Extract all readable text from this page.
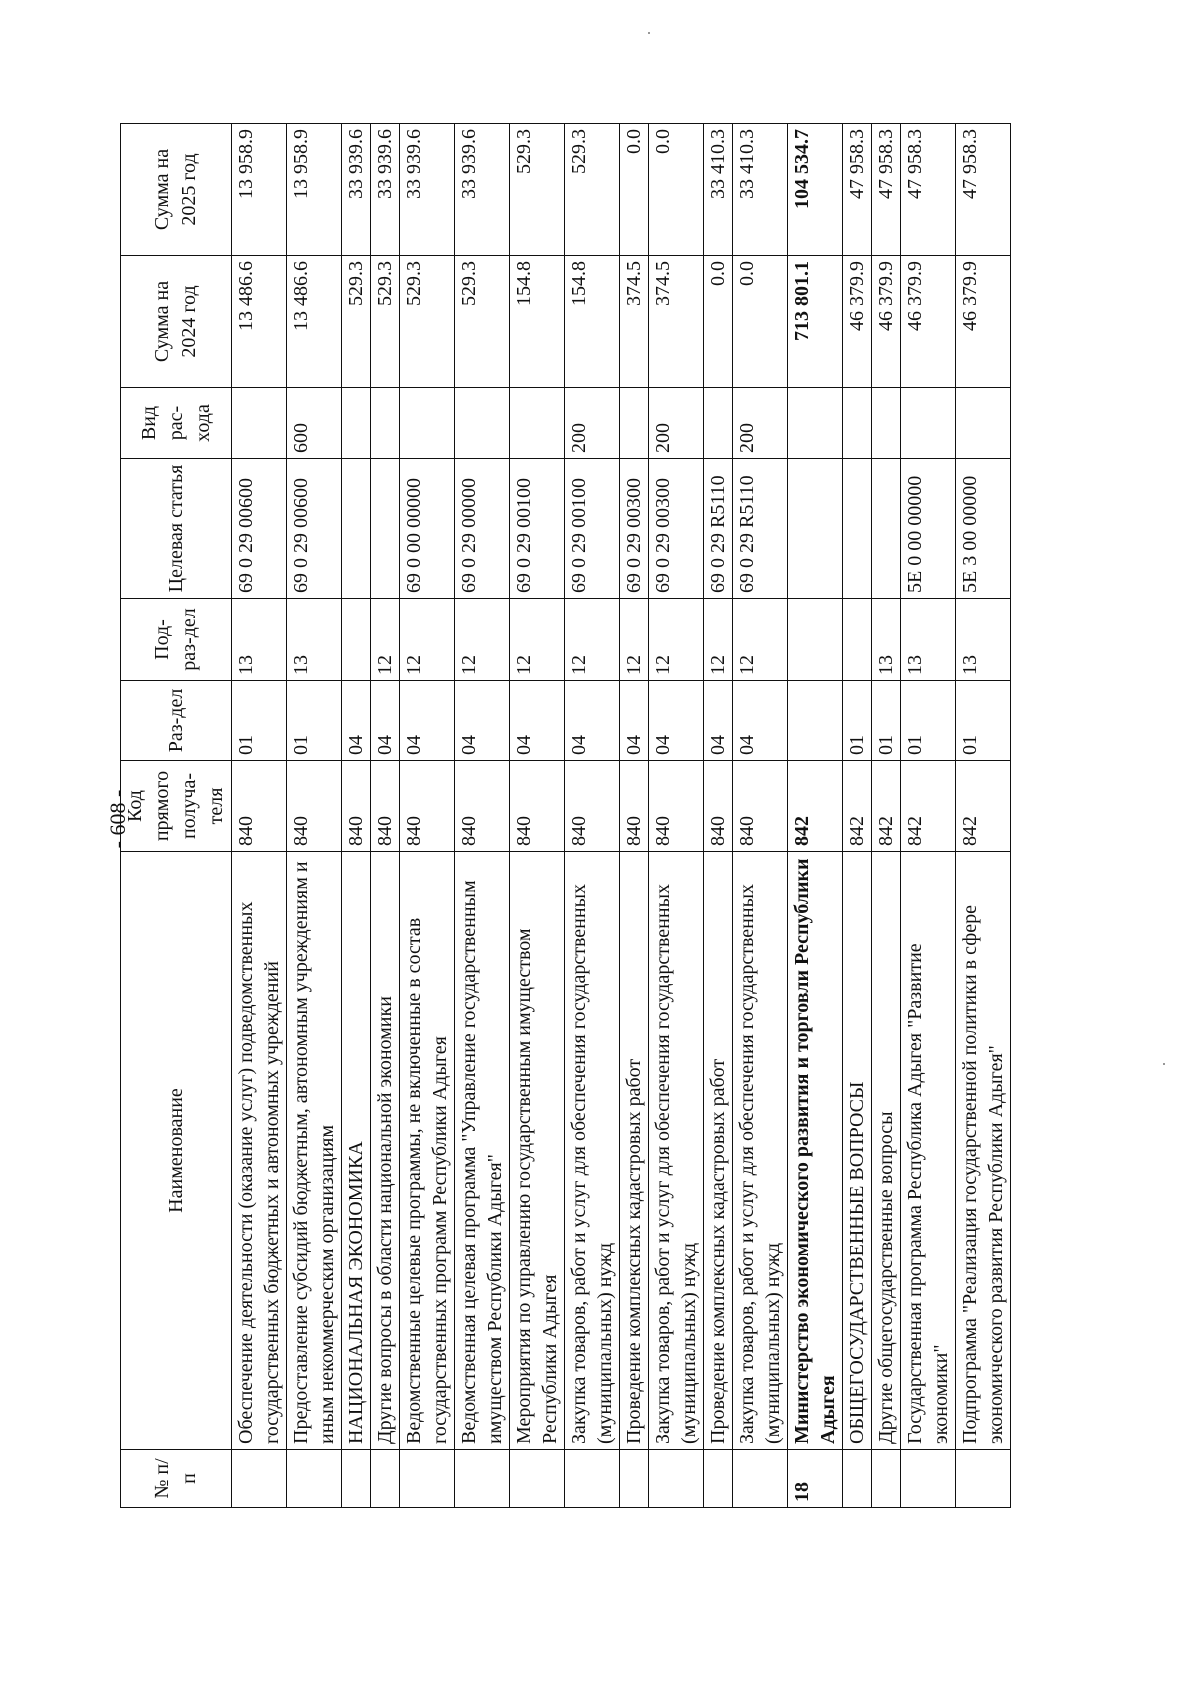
- 608 -
№ п/п	Наименование	Код прямого получа-теля	Раз-дел	Под-раз-дел	Целевая статья	Вид рас-хода	Сумма на 2024 год	Сумма на 2025 год
	Обеспечение деятельности (оказание услуг) подведомственных государственных бюджетных и автономных учреждений	840	01	13	69 0 29 00600		13 486.6	13 958.9
	Предоставление субсидий бюджетным, автономным учреждениям и иным некоммерческим организациям	840	01	13	69 0 29 00600	600	13 486.6	13 958.9
	НАЦИОНАЛЬНАЯ ЭКОНОМИКА	840	04				529.3	33 939.6
	Другие вопросы в области национальной экономики	840	04	12			529.3	33 939.6
	Ведомственные целевые программы, не включенные в состав государственных программ Республики Адыгея	840	04	12	69 0 00 00000		529.3	33 939.6
	Ведомственная целевая программа "Управление государственным имуществом Республики Адыгея"	840	04	12	69 0 29 00000		529.3	33 939.6
	Мероприятия по управлению государственным имуществом Республики Адыгея	840	04	12	69 0 29 00100		154.8	529.3
	Закупка товаров, работ и услуг для обеспечения государственных (муниципальных) нужд	840	04	12	69 0 29 00100	200	154.8	529.3
	Проведение комплексных кадастровых работ	840	04	12	69 0 29 00300		374.5	0.0
	Закупка товаров, работ и услуг для обеспечения государственных (муниципальных) нужд	840	04	12	69 0 29 00300	200	374.5	0.0
	Проведение комплексных кадастровых работ	840	04	12	69 0 29 R5110		0.0	33 410.3
	Закупка товаров, работ и услуг для обеспечения государственных (муниципальных) нужд	840	04	12	69 0 29 R5110	200	0.0	33 410.3
18	Министерство экономического развития и торговли Республики Адыгея	842					713 801.1	104 534.7
	ОБЩЕГОСУДАРСТВЕННЫЕ ВОПРОСЫ	842	01				46 379.9	47 958.3
	Другие общегосударственные вопросы	842	01	13			46 379.9	47 958.3
	Государственная программа Республика Адыгея "Развитие экономики"	842	01	13	5Е 0 00 00000		46 379.9	47 958.3
	Подпрограмма "Реализация государственной политики в сфере экономического развития Республики Адыгея"	842	01	13	5Е 3 00 00000		46 379.9	47 958.3
